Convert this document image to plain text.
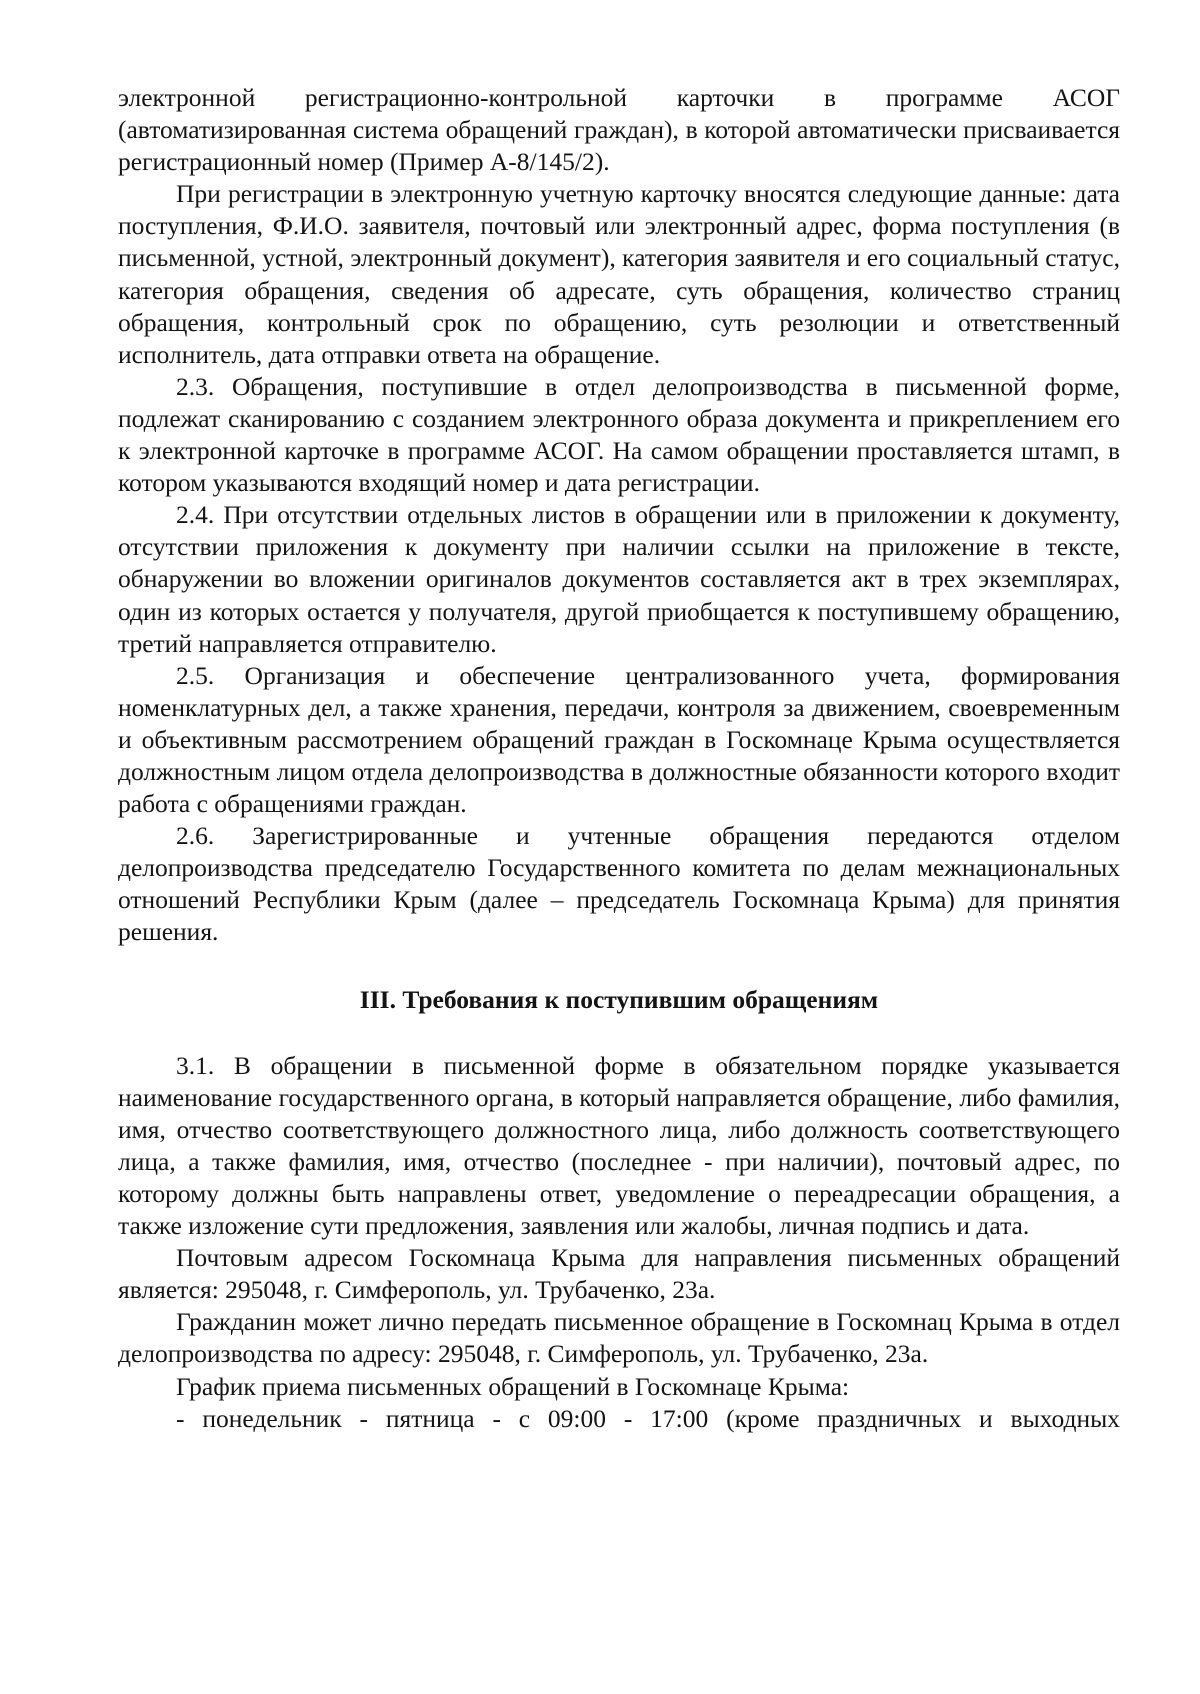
электронной регистрационно-контрольной карточки в программе АСОГ (автоматизированная система обращений граждан), в которой автоматически присваивается регистрационный номер (Пример А-8/145/2).

При регистрации в электронную учетную карточку вносятся следующие данные: дата поступления, Ф.И.О. заявителя, почтовый или электронный адрес, форма поступления (в письменной, устной, электронный документ), категория заявителя и его социальный статус, категория обращения, сведения об адресате, суть обращения, количество страниц обращения, контрольный срок по обращению, суть резолюции и ответственный исполнитель, дата отправки ответа на обращение.

2.3. Обращения, поступившие в отдел делопроизводства в письменной форме, подлежат сканированию с созданием электронного образа документа и прикреплением его к электронной карточке в программе АСОГ. На самом обращении проставляется штамп, в котором указываются входящий номер и дата регистрации.

2.4. При отсутствии отдельных листов в обращении или в приложении к документу, отсутствии приложения к документу при наличии ссылки на приложение в тексте, обнаружении во вложении оригиналов документов составляется акт в трех экземплярах, один из которых остается у получателя, другой приобщается к поступившему обращению, третий направляется отправителю.

2.5. Организация и обеспечение централизованного учета, формирования номенклатурных дел, а также хранения, передачи, контроля за движением, своевременным и объективным рассмотрением обращений граждан в Госкомнаце Крыма осуществляется должностным лицом отдела делопроизводства в должностные обязанности которого входит работа с обращениями граждан.

2.6. Зарегистрированные и учтенные обращения передаются отделом делопроизводства председателю Государственного комитета по делам межнациональных отношений Республики Крым (далее – председатель Госкомнаца Крыма) для принятия решения.

III. Требования к поступившим обращениям

3.1. В обращении в письменной форме в обязательном порядке указывается наименование государственного органа, в который направляется обращение, либо фамилия, имя, отчество соответствующего должностного лица, либо должность соответствующего лица, а также фамилия, имя, отчество (последнее - при наличии), почтовый адрес, по которому должны быть направлены ответ, уведомление о переадресации обращения, а также изложение сути предложения, заявления или жалобы, личная подпись и дата.

Почтовым адресом Госкомнаца Крыма для направления письменных обращений является: 295048, г. Симферополь, ул. Трубаченко, 23а.

Гражданин может лично передать письменное обращение в Госкомнац Крыма в отдел делопроизводства по адресу: 295048, г. Симферополь, ул. Трубаченко, 23а.

График приема письменных обращений в Госкомнаце Крыма:

- понедельник - пятница - с 09:00 - 17:00 (кроме праздничных и выходных
